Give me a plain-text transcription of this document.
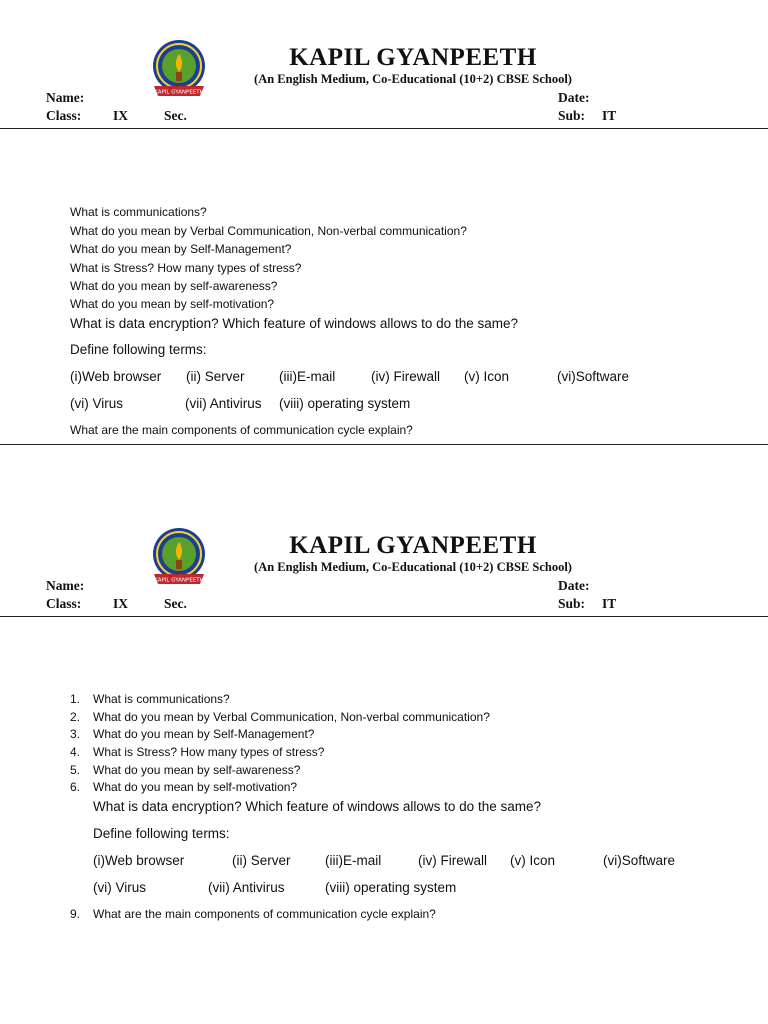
KAPIL GYANPEETH
KAPIL GYANPEETH
(An English Medium, Co-Educational (10+2) CBSE School)
Name:	Date:
Class: IX	Sec.	Sub: IT
What is communications?
What do you mean by Verbal Communication, Non-verbal communication?
What do you mean by Self-Management?
What is Stress? How many types of stress?
What do you mean by self-awareness?
What do you mean by self-motivation?
What is data encryption? Which feature of windows allows to do the same?
Define following terms:
(i)Web browser (ii) Server	(iii)E-mail	(iv) Firewall (v) Icon	(vi)Software
(vi) Virus	(vii) Antivirus (viii) operating system
What are the main components of communication cycle explain?
KAPIL GYANPEETH
KAPIL GYANPEETH
(An English Medium, Co-Educational (10+2) CBSE School)
Name:	Date:
Class: IX	Sec.	Sub: IT
1. What is communications?
2. What do you mean by Verbal Communication, Non-verbal communication?
3. What do you mean by Self-Management?
4. What is Stress? How many types of stress?
5. What do you mean by self-awareness?
6. What do you mean by self-motivation?
What is data encryption? Which feature of windows allows to do the same?
Define following terms:
(i)Web browser	(ii) Server	(iii)E-mail	(iv) Firewall (v) Icon	(vi)Software
(vi) Virus	(vii) Antivirus	(viii) operating system
9. What are the main components of communication cycle explain?
